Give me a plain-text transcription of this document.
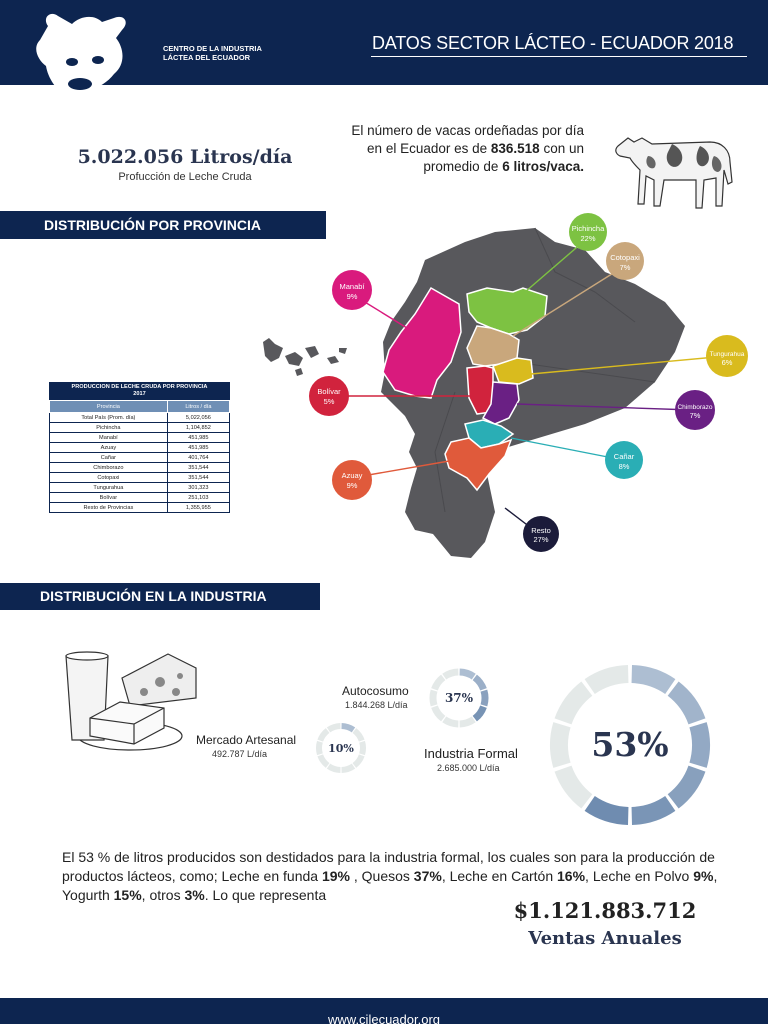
CENTRO DE LA INDUSTRIA
LÁCTEA DEL ECUADOR
DATOS SECTOR LÁCTEO - ECUADOR 2018
5.022.056 Litros/día
Profucción de Leche Cruda
El número de vacas ordeñadas por día
en el Ecuador es de 836.518 con un
promedio de 6 litros/vaca.
DISTRIBUCIÓN POR PROVINCIA	Pichincha
22%
Cotopaxi
7%
Manabí
9%
Tungurahua
6%
Bolívar
5%
Chimborazo
7%
Cañar
8%
Azuay
9%
Resto
27%
PRODUCCION DE LECHE CRUDA POR PROVINCIA
2017
Provincia	Litros / día
Total País (Prom. día)	5,022,056
Pichincha	1,104,852
Manabí	451,985
Azuay	451,985
Cañar	401,764
Chimborazo	351,544
Cotopaxi	351,544
Tungurahua	301,323
Bolívar	251,103
Resto de Provincias	1,355,955
DISTRIBUCIÓN EN LA INDUSTRIA
Autocosumo
1.844.268 L/día	37%
Mercado Artesanal
492.787 L/día	10%	Industria Formal
2.685.000 L/día
53%
El 53 % de litros producidos son destidados para la industria formal, los cuales son para la producción de productos lácteos, como; Leche en funda 19% , Quesos 37%, Leche en Cartón 16%, Leche en Polvo 9%, Yogurth 15%, otros 3%. Lo que representa
$1.121.883.712
Ventas Anuales
www.cilecuador.org
